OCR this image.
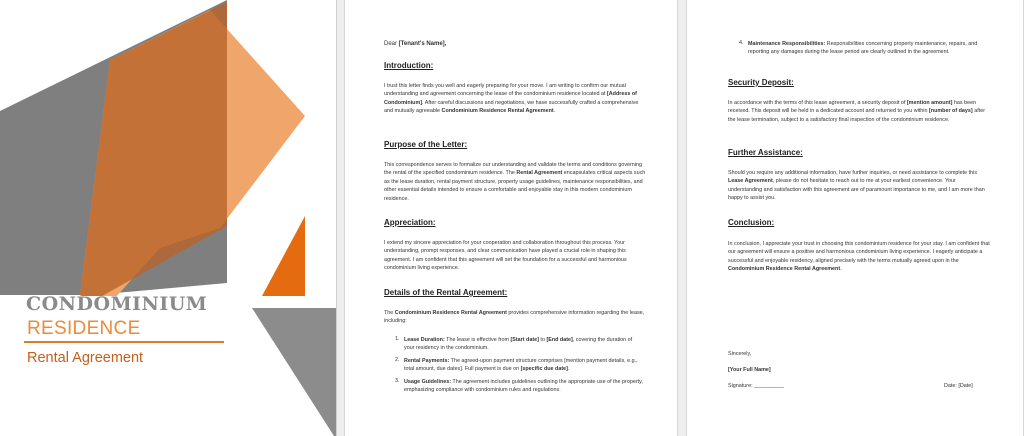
CONDOMINIUM
RESIDENCE
Rental Agreement
Dear [Tenant's Name],
Introduction:
I trust this letter finds you well and eagerly preparing for your move. I am writing to confirm our mutual understanding and agreement concerning the lease of the condominium residence located at [Address of Condominium]. After careful discussions and negotiations, we have successfully crafted a comprehensive and mutually agreeable Condominium Residence Rental Agreement.
Purpose of the Letter:
This correspondence serves to formalize our understanding and validate the terms and conditions governing the rental of the specified condominium residence. The Rental Agreement encapsulates critical aspects such as the lease duration, rental payment structure, property usage guidelines, maintenance responsibilities, and other essential details intended to ensure a comfortable and enjoyable stay in this modern condominium residence.
Appreciation:
I extend my sincere appreciation for your cooperation and collaboration throughout this process. Your understanding, prompt responses, and clear communication have played a crucial role in shaping this agreement. I am confident that this agreement will set the foundation for a successful and harmonious condominium living experience.
Details of the Rental Agreement:
The Condominium Residence Rental Agreement provides comprehensive information regarding the lease, including:
1. Lease Duration: The lease is effective from [Start date] to [End date], covering the duration of your residency in the condominium.
2. Rental Payments: The agreed-upon payment structure comprises [mention payment details, e.g., total amount, due dates]. Full payment is due on [specific due date].
3. Usage Guidelines: The agreement includes guidelines outlining the appropriate use of the property, emphasizing compliance with condominium rules and regulations.
4. Maintenance Responsibilities: Responsibilities concerning property maintenance, repairs, and reporting any damages during the lease period are clearly outlined in the agreement.
Security Deposit:
In accordance with the terms of this lease agreement, a security deposit of [mention amount] has been received. This deposit will be held in a dedicated account and returned to you within [number of days] after the lease termination, subject to a satisfactory final inspection of the condominium residence.
Further Assistance:
Should you require any additional information, have further inquiries, or need assistance to complete this Lease Agreement, please do not hesitate to reach out to me at your earliest convenience. Your understanding and satisfaction with this agreement are of paramount importance to me, and I am more than happy to assist you.
Conclusion:
In conclusion, I appreciate your trust in choosing this condominium residence for your stay. I am confident that our agreement will ensure a positive and harmonious condominium living experience. I eagerly anticipate a successful and enjoyable residency, aligned precisely with the terms mutually agreed upon in the Condominium Residence Rental Agreement.
Sincerely,
[Your Full Name]
Signature: __________	Date: [Date]
